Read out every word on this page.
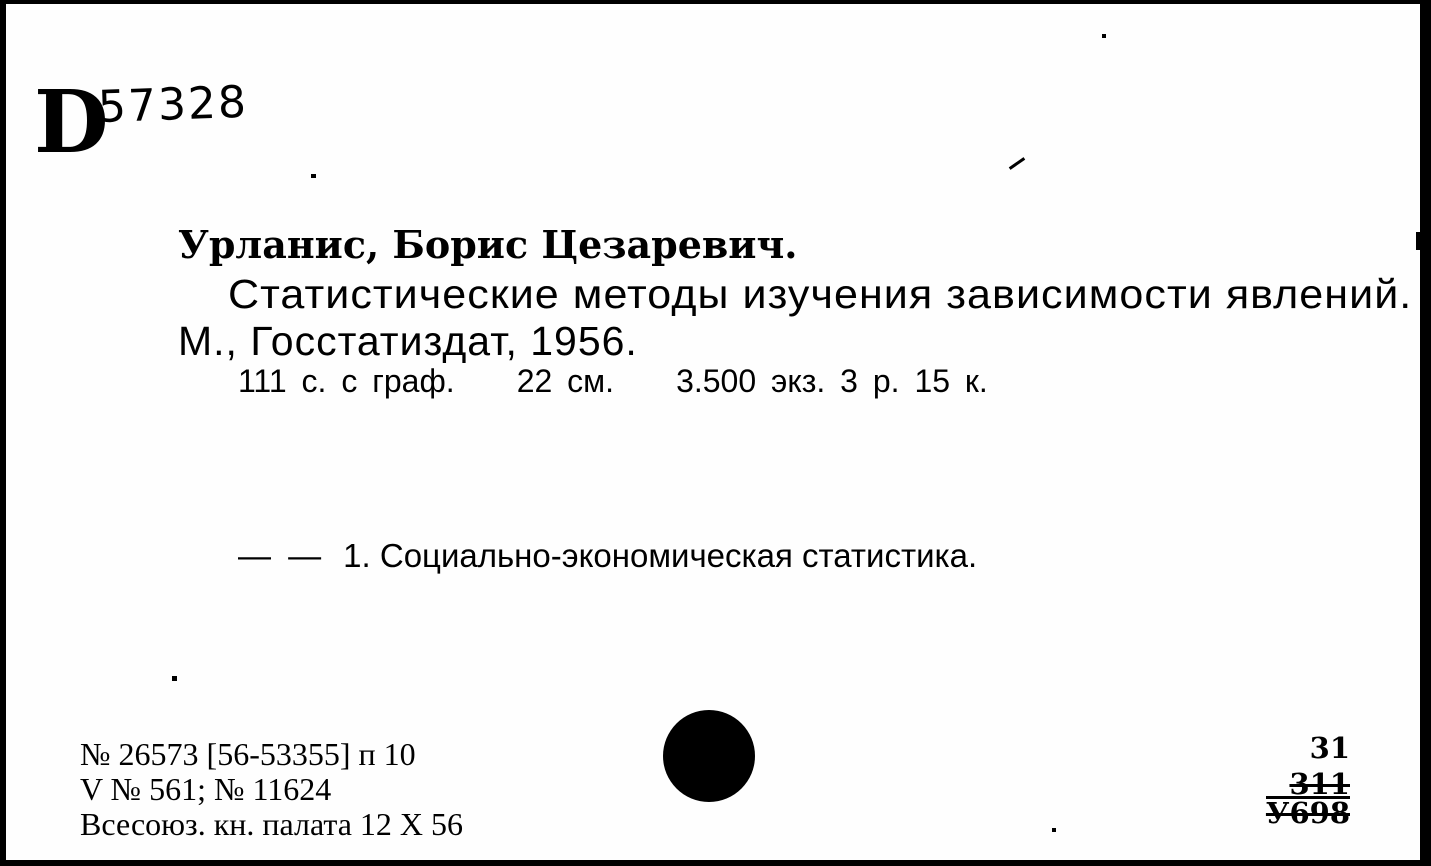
D
57328
Урланис, Борис Цезаревич.
Статистические методы изучения зависимости явлений.
М., Госстатиздат, 1956.
111 с. с граф. 22 см. 3.500 экз. 3 р. 15 к.
— — 1. Социально-экономическая статистика.
№ 26573 [56-53355] п 10
V № 561; № 11624
Всесоюз. кн. палата 12 X 56
31
311
У698
